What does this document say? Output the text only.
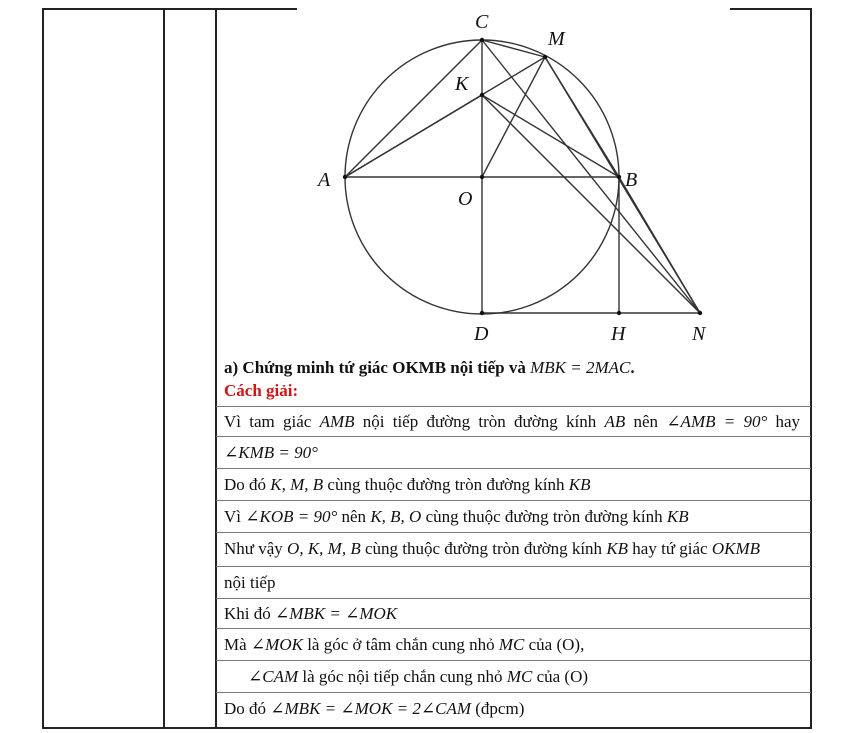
C
M
K
A
O
B
D	H	N
a) Chứng minh tứ giác OKMB nội tiếp và MBK = 2MAC.
Cách giải:
Vì tam giác AMB nội tiếp đường tròn đường kính AB nên ∠AMB = 90° hay
∠KMB = 90°
Do đó K, M, B cùng thuộc đường tròn đường kính KB
Vì ∠KOB = 90° nên K, B, O cùng thuộc đường tròn đường kính KB
Như vậy O, K, M, B cùng thuộc đường tròn đường kính KB hay tứ giác OKMB
nội tiếp
Khi đó ∠MBK = ∠MOK
Mà ∠MOK là góc ở tâm chắn cung nhỏ MC của (O),
∠CAM là góc nội tiếp chắn cung nhỏ MC của (O)
Do đó ∠MBK = ∠MOK = 2∠CAM (đpcm)
